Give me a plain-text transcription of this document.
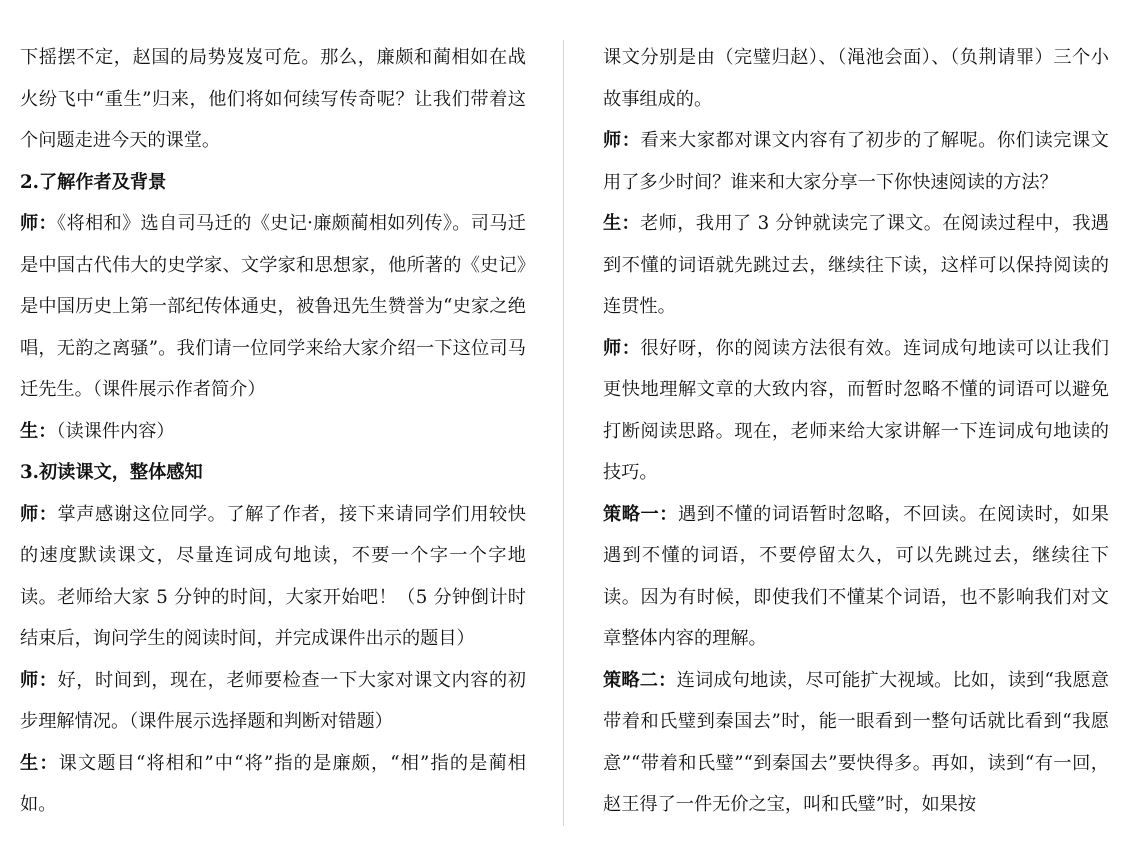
下摇摆不定，赵国的局势岌岌可危。那么，廉颇和蔺相如在战火纷飞中“重生”归来，他们将如何续写传奇呢？让我们带着这个问题走进今天的课堂。
2.了解作者及背景
师：《将相和》选自司马迁的《史记·廉颇蔺相如列传》。司马迁是中国古代伟大的史学家、文学家和思想家，他所著的《史记》是中国历史上第一部纪传体通史，被鲁迅先生赞誉为“史家之绝唱，无韵之离骚”。我们请一位同学来给大家介绍一下这位司马迁先生。（课件展示作者简介）
生：（读课件内容）
3.初读课文，整体感知
师：掌声感谢这位同学。了解了作者，接下来请同学们用较快的速度默读课文，尽量连词成句地读，不要一个字一个字地读。老师给大家 5 分钟的时间，大家开始吧！（5 分钟倒计时结束后，询问学生的阅读时间，并完成课件出示的题目）
师：好，时间到，现在，老师要检查一下大家对课文内容的初步理解情况。（课件展示选择题和判断对错题）
生：课文题目“将相和”中“将”指的是廉颇，“相”指的是蔺相如。
课文分别是由（完璧归赵）、（渑池会面）、（负荆请罪）三个小故事组成的。
师：看来大家都对课文内容有了初步的了解呢。你们读完课文用了多少时间？谁来和大家分享一下你快速阅读的方法？
生：老师，我用了 3 分钟就读完了课文。在阅读过程中，我遇到不懂的词语就先跳过去，继续往下读，这样可以保持阅读的连贯性。
师：很好呀，你的阅读方法很有效。连词成句地读可以让我们更快地理解文章的大致内容，而暂时忽略不懂的词语可以避免打断阅读思路。现在，老师来给大家讲解一下连词成句地读的技巧。
策略一：遇到不懂的词语暂时忽略，不回读。在阅读时，如果遇到不懂的词语，不要停留太久，可以先跳过去，继续往下读。因为有时候，即使我们不懂某个词语，也不影响我们对文章整体内容的理解。
策略二：连词成句地读，尽可能扩大视域。比如，读到“我愿意带着和氏璧到秦国去”时，能一眼看到一整句话就比看到“我愿意”“带着和氏璧”“到秦国去”要快得多。再如，读到“有一回，赵王得了一件无价之宝，叫和氏璧”时，如果按
